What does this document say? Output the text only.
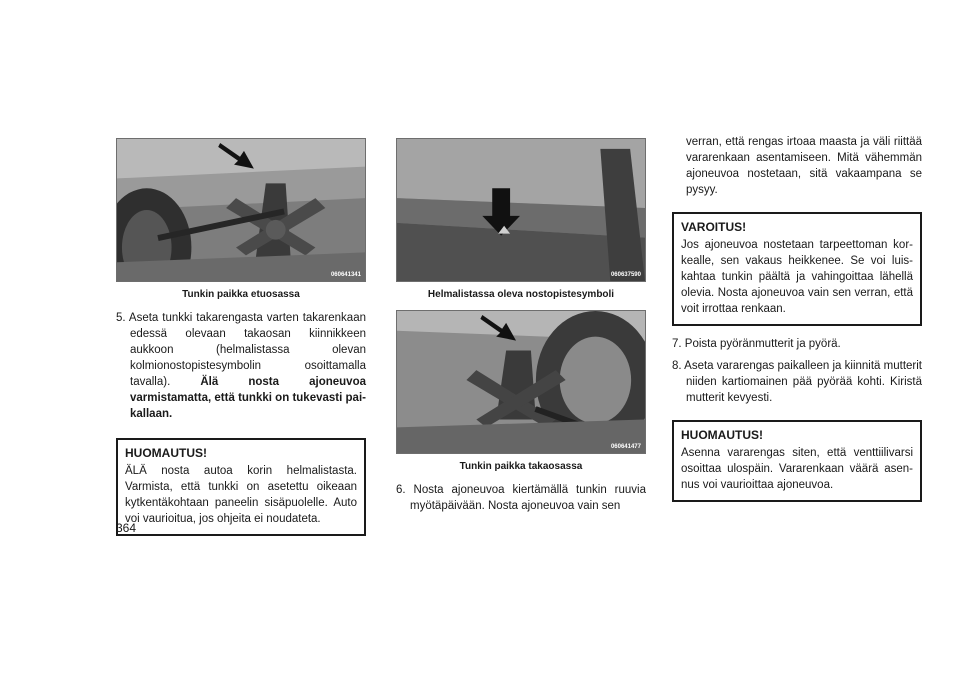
060641341
Tunkin paikka etuosassa

5. Aseta tunkki takarengasta varten takarenkaan edessä olevaan takaosan kiinnikkeen aukkoon (helmalistassa olevan kolmionostopistesymbolin osoittamalla tavalla). Älä nosta ajoneuvoa varmistamatta, että tunkki on tukevasti paikallaan.

HUOMAUTUS!
ÄLÄ nosta autoa korin helmalistasta. Varmista, että tunkki on asetettu oikeaan kytkentäkohtaan paneelin sisäpuolelle. Auto voi vaurioitua, jos ohjeita ei noudateta.
060637590
Helmalistassa oleva nostopistesymboli
060641477
Tunkin paikka takaosassa

6. Nosta ajoneuvoa kiertämällä tunkin ruuvia myötäpäivään. Nosta ajoneuvoa vain sen

verran, että rengas irtoaa maasta ja väli riittää vararenkaan asentamiseen. Mitä vähemmän ajoneuvoa nostetaan, sitä vakaampana se pysyy.

VAROITUS!
Jos ajoneuvoa nostetaan tarpeettoman korkealle, sen vakaus heikkenee. Se voi luiskahtaa tunkin päältä ja vahingoittaa lähellä olevia. Nosta ajoneuvoa vain sen verran, että voit irrottaa renkaan.

7. Poista pyöränmutterit ja pyörä.

8. Aseta vararengas paikalleen ja kiinnitä mutterit niiden kartiomainen pää pyörää kohti. Kiristä mutterit kevyesti.

HUOMAUTUS!
Asenna vararengas siten, että venttiilivarsi osoittaa ulospäin. Vararenkaan väärä asennus voi vaurioittaa ajoneuvoa.
364
